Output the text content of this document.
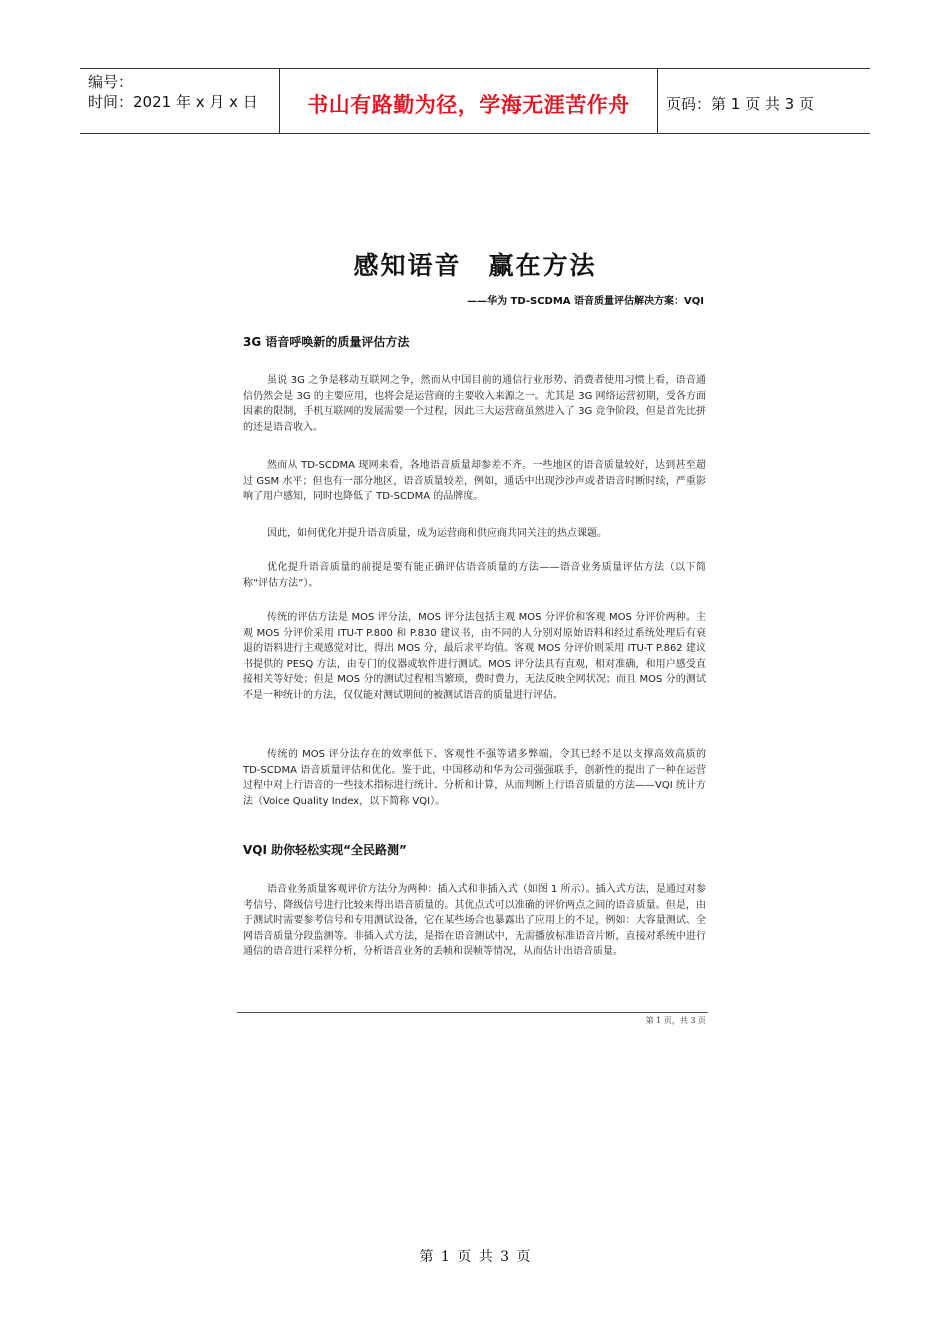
编号：
时间：2021 年 x 月 x 日	书山有路勤为径，学海无涯苦作舟	页码：第 1 页 共 3 页
感知语音　赢在方法
——华为 TD-SCDMA 语音质量评估解决方案：VQI
3G 语音呼唤新的质量评估方法

虽说 3G 之争是移动互联网之争，然而从中国目前的通信行业形势、消费者使用习惯上看，语音通信仍然会是 3G 的主要应用，也将会是运营商的主要收入来源之一。尤其是 3G 网络运营初期，受各方面因素的限制，手机互联网的发展需要一个过程，因此三大运营商虽然进入了 3G 竞争阶段，但是首先比拼的还是语音收入。

然而从 TD-SCDMA 现网来看，各地语音质量却参差不齐。一些地区的语音质量较好，达到甚至超过 GSM 水平；但也有一部分地区，语音质量较差，例如，通话中出现沙沙声或者语音时断时续，严重影响了用户感知，同时也降低了 TD-SCDMA 的品牌度。

因此，如何优化并提升语音质量，成为运营商和供应商共同关注的热点课题。

优化提升语音质量的前提是要有能正确评估语音质量的方法——语音业务质量评估方法（以下简称“评估方法”）。

传统的评估方法是 MOS 评分法，MOS 评分法包括主观 MOS 分评价和客观 MOS 分评价两种。主观 MOS 分评价采用 ITU-T P.800 和 P.830 建议书，由不同的人分别对原始语料和经过系统处理后有衰退的语料进行主观感觉对比，得出 MOS 分，最后求平均值。客观 MOS 分评价则采用 ITU-T P.862 建议书提供的 PESQ 方法，由专门的仪器或软件进行测试。MOS 评分法具有直观，相对准确，和用户感受直接相关等好处；但是 MOS 分的测试过程相当繁琐，费时费力，无法反映全网状况；而且 MOS 分的测试不是一种统计的方法，仅仅能对测试期间的被测试语音的质量进行评估。

传统的 MOS 评分法存在的效率低下、客观性不强等诸多弊端，令其已经不足以支撑高效高质的 TD-SCDMA 语音质量评估和优化。鉴于此，中国移动和华为公司强强联手，创新性的提出了一种在运营过程中对上行语音的一些技术指标进行统计、分析和计算，从而判断上行语音质量的方法——VQI 统计方法（Voice Quality Index，以下简称 VQI）。

VQI 助你轻松实现“全民路测”

语音业务质量客观评价方法分为两种：插入式和非插入式（如图 1 所示）。插入式方法，是通过对参考信号、降级信号进行比较来得出语音质量的。其优点式可以准确的评价两点之间的语音质量。但是，由于测试时需要参考信号和专用测试设备，它在某些场合也暴露出了应用上的不足，例如：大容量测试、全网语音质量分段监测等。非插入式方法，是指在语音测试中，无需播放标准语音片断，直接对系统中进行通信的语音进行采样分析，分析语音业务的丢帧和误帧等情况，从而估计出语音质量。

第 1 页，共 3 页
第 1 页 共 3 页
